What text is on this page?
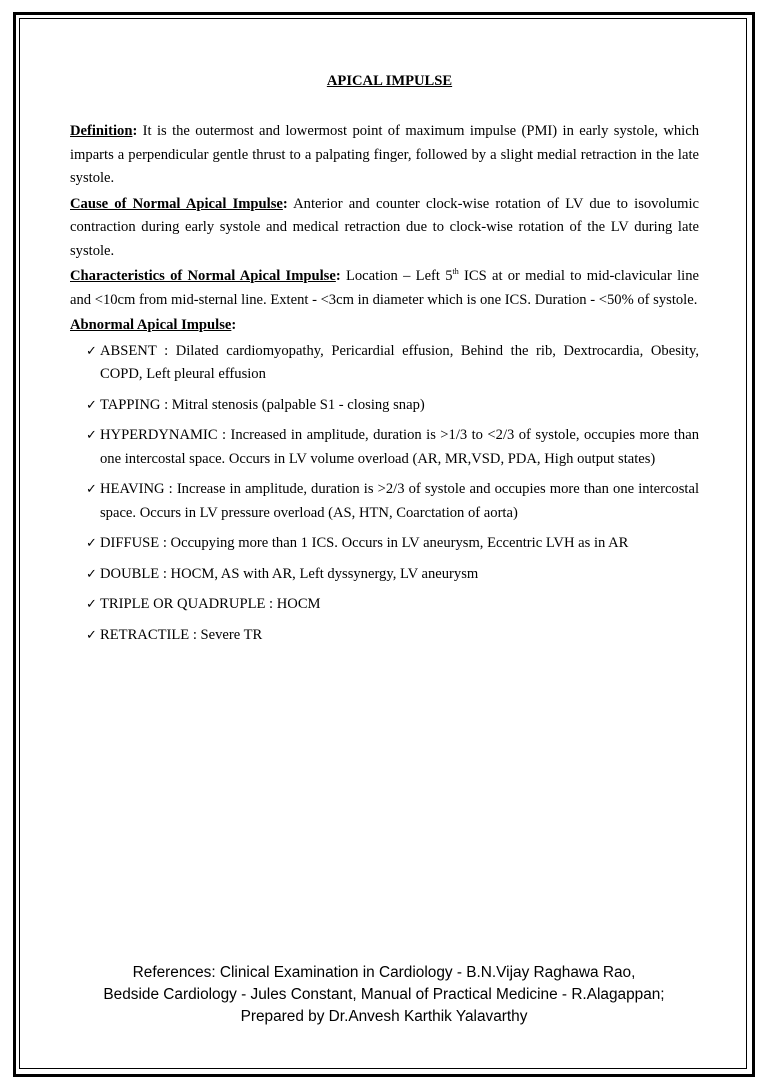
APICAL IMPULSE

Definition: It is the outermost and lowermost point of maximum impulse (PMI) in early systole, which imparts a perpendicular gentle thrust to a palpating finger, followed by a slight medial retraction in the late systole.

Cause of Normal Apical Impulse: Anterior and counter clock-wise rotation of LV due to isovolumic contraction during early systole and medical retraction due to clock-wise rotation of the LV during late systole.

Characteristics of Normal Apical Impulse: Location – Left 5th ICS at or medial to mid-clavicular line and <10cm from mid-sternal line. Extent - <3cm in diameter which is one ICS. Duration - <50% of systole.

Abnormal Apical Impulse:

✓ ABSENT : Dilated cardiomyopathy, Pericardial effusion, Behind the rib, Dextrocardia, Obesity, COPD, Left pleural effusion
✓ TAPPING : Mitral stenosis (palpable S1 - closing snap)
✓ HYPERDYNAMIC : Increased in amplitude, duration is >1/3 to <2/3 of systole, occupies more than one intercostal space. Occurs in LV volume overload (AR, MR,VSD, PDA, High output states)
✓ HEAVING : Increase in amplitude, duration is >2/3 of systole and occupies more than one intercostal space. Occurs in LV pressure overload (AS, HTN, Coarctation of aorta)
✓ DIFFUSE : Occupying more than 1 ICS. Occurs in LV aneurysm, Eccentric LVH as in AR
✓ DOUBLE : HOCM, AS with AR, Left dyssynergy, LV aneurysm
✓ TRIPLE OR QUADRUPLE : HOCM
✓ RETRACTILE : Severe TR
References: Clinical Examination in Cardiology - B.N.Vijay Raghawa Rao,
Bedside Cardiology - Jules Constant, Manual of Practical Medicine - R.Alagappan;
Prepared by Dr.Anvesh Karthik Yalavarthy
